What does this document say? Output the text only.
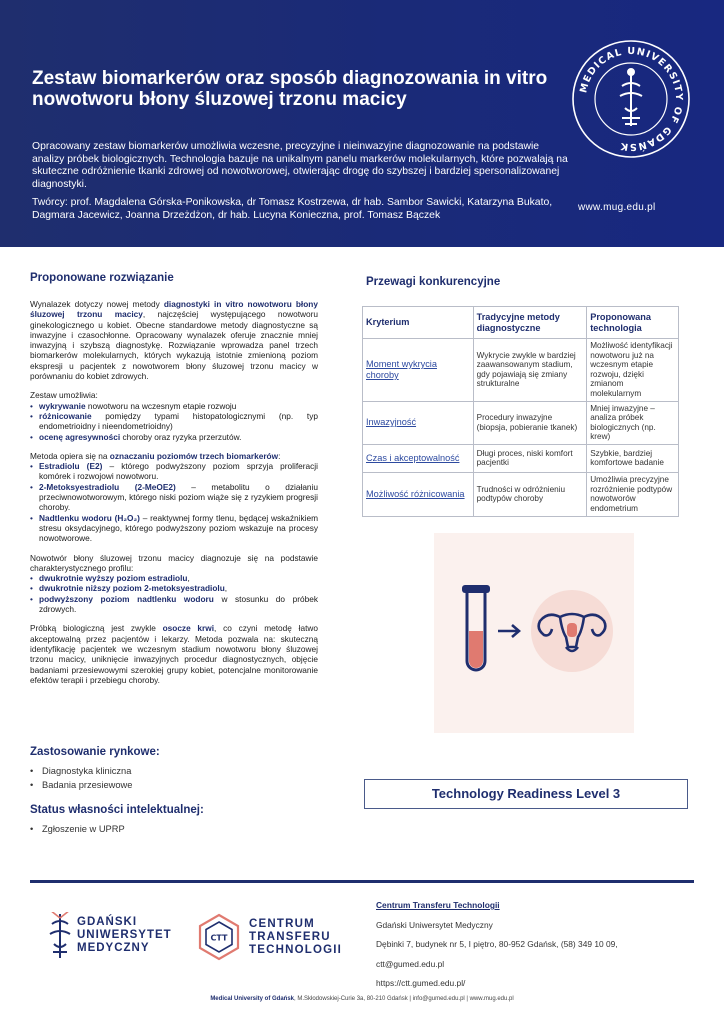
Zestaw biomarkerów oraz sposób diagnozowania in vitro nowotworu błony śluzowej trzonu macicy
Opracowany zestaw biomarkerów umożliwia wczesne, precyzyjne i nieinwazyjne diagnozowanie na podstawie analizy próbek biologicznych. Technologia bazuje na unikalnym panelu markerów molekularnych, które pozwalają na skuteczne odróżnienie tkanki zdrowej od nowotworowej, otwierając drogę do szybszej i bardziej spersonalizowanej diagnostyki.
Twórcy: prof. Magdalena Górska-Ponikowska, dr Tomasz Kostrzewa, dr hab. Sambor Sawicki, Katarzyna Bukato, Dagmara Jacewicz, Joanna Drzeżdżon, dr hab. Lucyna Konieczna, prof. Tomasz Bączek
MEDICAL UNIVERSITY OF GDAŃSK
www.mug.edu.pl
Proponowane rozwiązanie
Wynalazek dotyczy nowej metody diagnostyki in vitro nowotworu błony śluzowej trzonu macicy, najczęściej występującego nowotworu ginekologicznego u kobiet. Obecne standardowe metody diagnostyczne są inwazyjne i czasochłonne. Opracowany wynalazek oferuje znacznie mniej inwazyjną i szybszą diagnostykę. Rozwiązanie wprowadza panel trzech biomarkerów molekularnych, których wykazują istotnie zmienioną poziom ekspresji u pacjentek z nowotworem błony śluzowej trzonu macicy w porównaniu do kobiet zdrowych.
Zestaw umożliwia:
• wykrywanie nowotworu na wczesnym etapie rozwoju
• różnicowanie pomiędzy typami histopatologicznymi (np. typ endometrioidny i nieendometrioidny)
• ocenę agresywności choroby oraz ryzyka przerzutów.
Metoda opiera się na oznaczaniu poziomów trzech biomarkerów:
• Estradiolu (E2) – którego podwyższony poziom sprzyja proliferacji komórek i rozwojowi nowotworu.
• 2-Metoksyestradiolu (2-MeOE2) – metabolitu o działaniu przeciwnowotworowym, którego niski poziom wiąże się z ryzykiem progresji choroby.
• Nadtlenku wodoru (H₂O₂) – reaktywnej formy tlenu, będącej wskaźnikiem stresu oksydacyjnego, którego podwyższony poziom wskazuje na procesy nowotworowe.
Nowotwór błony śluzowej trzonu macicy diagnozuje się na podstawie charakterystycznego profilu:
• dwukrotnie wyższy poziom estradiolu,
• dwukrotnie niższy poziom 2-metoksyestradiolu,
• podwyższony poziom nadtlenku wodoru w stosunku do próbek zdrowych.
Próbką biologiczną jest zwykle osocze krwi, co czyni metodę łatwo akceptowalną przez pacjentów i lekarzy. Metoda pozwala na: skuteczną identyfikację pacjentek we wczesnym stadium nowotworu błony śluzowej trzonu macicy, uniknięcie inwazyjnych procedur diagnostycznych, objęcie badaniami przesiewowymi szerokiej grupy kobiet, potencjalne monitorowanie efektów terapii i przebiegu choroby.
Przewagi konkurencyjne
Kryterium	Tradycyjne metody diagnostyczne	Proponowana technologia
Moment wykrycia choroby	Wykrycie zwykle w bardziej zaawansowanym stadium, gdy pojawiają się zmiany strukturalne	Możliwość identyfikacji nowotworu już na wczesnym etapie rozwoju, dzięki zmianom molekularnym
Inwazyjność	Procedury inwazyjne (biopsja, pobieranie tkanek)	Mniej inwazyjne – analiza próbek biologicznych (np. krew)
Czas i akceptowalność	Długi proces, niski komfort pacjentki	Szybkie, bardziej komfortowe badanie
Możliwość różnicowania	Trudności w odróżnieniu podtypów choroby	Umożliwia precyzyjne rozróżnienie podtypów nowotworów endometrium
Zastosowanie rynkowe:
• Diagnostyka kliniczna
• Badania przesiewowe
Status własności intelektualnej:
• Zgłoszenie w UPRP
Technology Readiness Level 3
GDAŃSKI
UNIWERSYTET
MEDYCZNY
CTT
CENTRUM
TRANSFERU
TECHNOLOGII
Centrum Transferu Technologii
Gdański Uniwersytet Medyczny
Dębinki 7, budynek nr 5, I piętro, 80-952 Gdańsk, (58) 349 10 09,
ctt@gumed.edu.pl
https://ctt.gumed.edu.pl/
Medical University of Gdańsk, M.Skłodowskiej-Curie 3a, 80-210 Gdańsk | info@gumed.edu.pl | www.mug.edu.pl
